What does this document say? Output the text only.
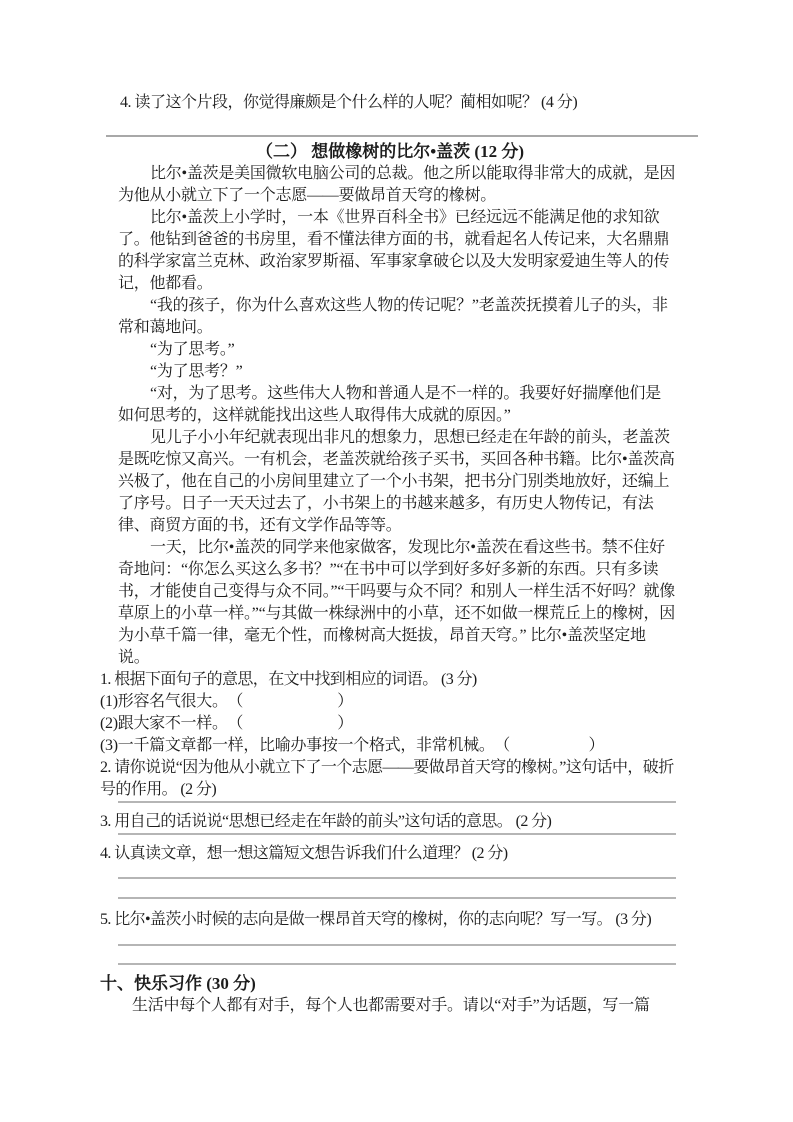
4. 读了这个片段，你觉得廉颇是个什么样的人呢？蔺相如呢？ (4 分)
（二） 想做橡树的比尔•盖茨 (12 分)

比尔•盖茨是美国微软电脑公司的总裁。他之所以能取得非常大的成就，是因为他从小就立下了一个志愿——要做昂首天穹的橡树。

比尔•盖茨上小学时，一本《世界百科全书》已经远远不能满足他的求知欲了。他钻到爸爸的书房里，看不懂法律方面的书，就看起名人传记来，大名鼎鼎的科学家富兰克林、政治家罗斯福、军事家拿破仑以及大发明家爱迪生等人的传记，他都看。

“我的孩子，你为什么喜欢这些人物的传记呢？”老盖茨抚摸着儿子的头，非常和蔼地问。

“为了思考。”

“为了思考？”

“对，为了思考。这些伟大人物和普通人是不一样的。我要好好揣摩他们是如何思考的，这样就能找出这些人取得伟大成就的原因。”

见儿子小小年纪就表现出非凡的想象力，思想已经走在年龄的前头，老盖茨是既吃惊又高兴。一有机会，老盖茨就给孩子买书，买回各种书籍。比尔•盖茨高兴极了，他在自己的小房间里建立了一个小书架，把书分门别类地放好，还编上了序号。日子一天天过去了，小书架上的书越来越多，有历史人物传记，有法律、商贸方面的书，还有文学作品等等。

一天，比尔•盖茨的同学来他家做客，发现比尔•盖茨在看这些书。禁不住好奇地问：“你怎么买这么多书？”“在书中可以学到好多好多新的东西。只有多读书，才能使自己变得与众不同。”“干吗要与众不同？和别人一样生活不好吗？就像草原上的小草一样。”“与其做一株绿洲中的小草，还不如做一棵荒丘上的橡树，因为小草千篇一律，毫无个性，而橡树高大挺拔，昂首天穹。” 比尔•盖茨坚定地说。

1. 根据下面句子的意思，在文中找到相应的词语。 (3 分)
(1)形容名气很大。　（　　　　　　）
(2)跟大家不一样。　（　　　　　　）
(3)一千篇文章都一样，比喻办事按一个格式，非常机械。　（　　　　　）
2. 请你说说“因为他从小就立下了一个志愿——要做昂首天穹的橡树。”这句话中，破折号的作用。 (2 分)
3. 用自己的话说说“思想已经走在年龄的前头”这句话的意思。 (2 分)
4. 认真读文章，想一想这篇短文想告诉我们什么道理？ (2 分)
5. 比尔•盖茨小时候的志向是做一棵昂首天穹的橡树，你的志向呢？写一写。 (3 分)
十、快乐习作 (30 分)

生活中每个人都有对手，每个人也都需要对手。请以“对手”为话题，写一篇
